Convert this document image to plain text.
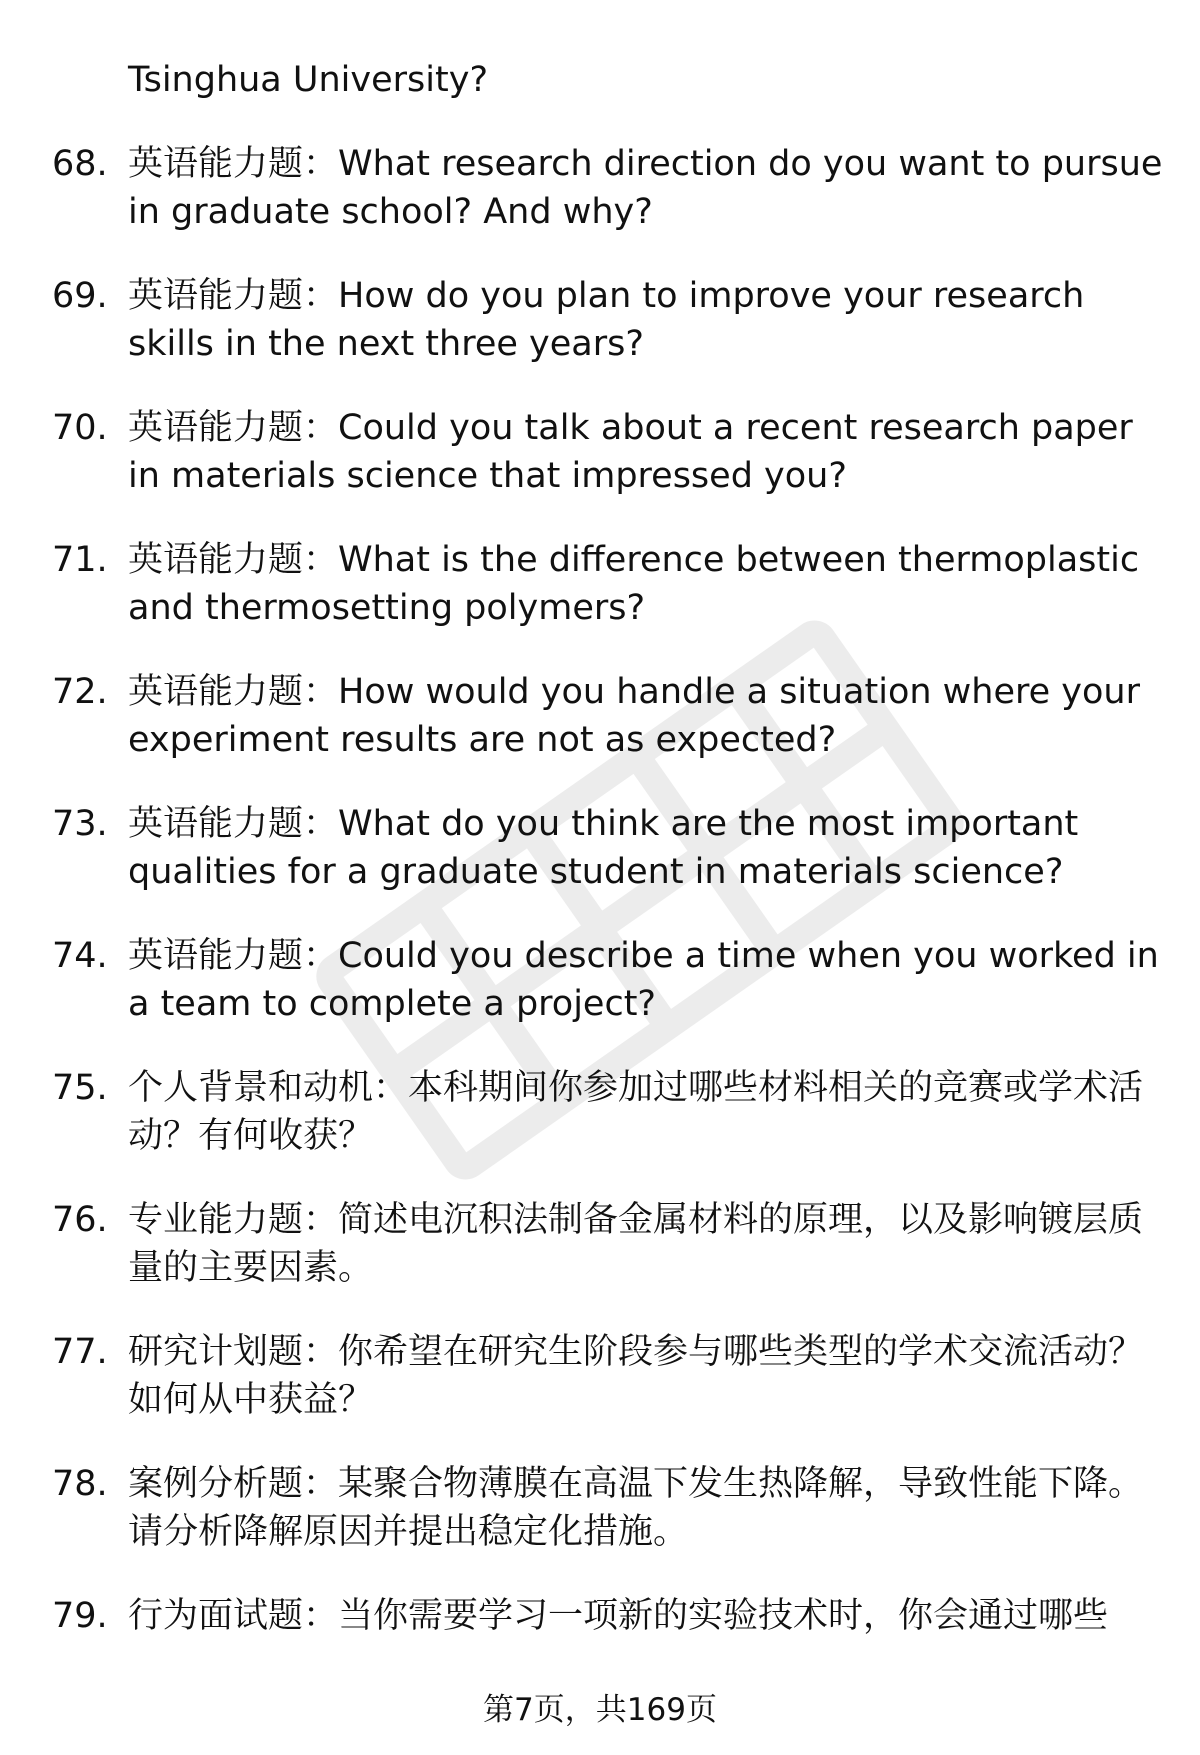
Tsinghua University?

68. 英语能力题：What research direction do you want to pursue in graduate school? And why?

69. 英语能力题：How do you plan to improve your research skills in the next three years?

70. 英语能力题：Could you talk about a recent research paper in materials science that impressed you?

71. 英语能力题：What is the difference between thermoplastic and thermosetting polymers?

72. 英语能力题：How would you handle a situation where your experiment results are not as expected?

73. 英语能力题：What do you think are the most important qualities for a graduate student in materials science?

74. 英语能力题：Could you describe a time when you worked in a team to complete a project?

75. 个人背景和动机：本科期间你参加过哪些材料相关的竞赛或学术活动？有何收获？

76. 专业能力题：简述电沉积法制备金属材料的原理，以及影响镀层质量的主要因素。

77. 研究计划题：你希望在研究生阶段参与哪些类型的学术交流活动？如何从中获益？

78. 案例分析题：某聚合物薄膜在高温下发生热降解，导致性能下降。请分析降解原因并提出稳定化措施。

79. 行为面试题：当你需要学习一项新的实验技术时，你会通过哪些

第7页，共169页
